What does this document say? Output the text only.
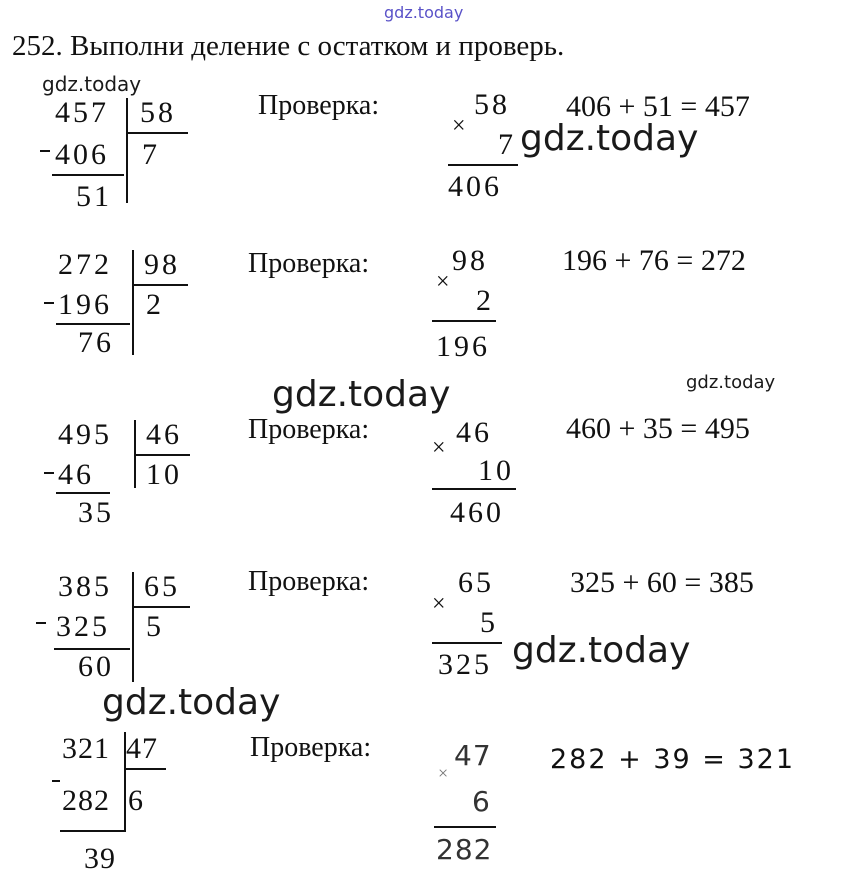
gdz.today
gdz.today
gdz.today
gdz.today	gdz.today
gdz.today
gdz.today
252. Выполни деление с остатком и проверь.
457 58
406 7
51
Проверка:
×
58
7
406
406 + 51 = 457
272 98
196 2
76
Проверка:
×
98
2
196
196 + 76 = 272
495 46
46 10
35
Проверка:
× 46
10
460
460 + 35 = 495
385 65
325 5
60
Проверка:
×
65
5
325
325 + 60 = 385
321 47
282 6
39
Проверка:
×
47
6
282
282 + 39 = 321
